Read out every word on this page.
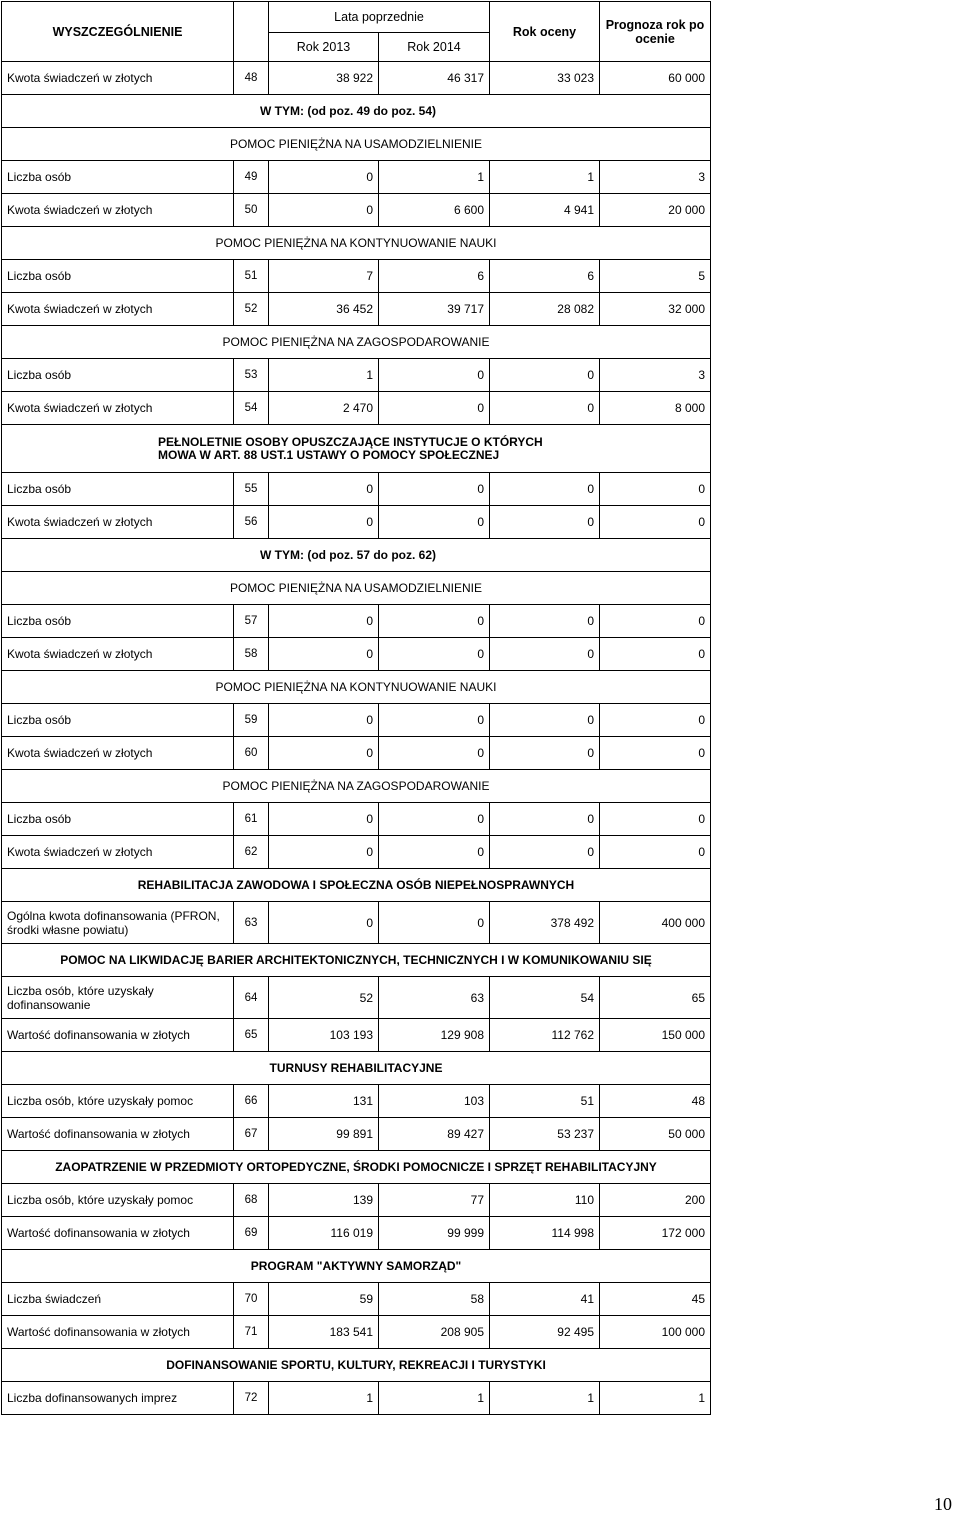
WYSZCZEGÓLNIENIE		Lata poprzednie		Rok oceny	Prognoza rok po ocenie
		Rok 2013	Rok 2014		
Kwota świadczeń w złotych	48	38 922	46 317	33 023	60 000
W TYM: (od poz. 49 do poz. 54)					
POMOC PIENIĘŻNA NA USAMODZIELNIENIE					
Liczba osób	49	0	1	1	3
Kwota świadczeń w złotych	50	0	6 600	4 941	20 000
POMOC PIENIĘŻNA NA KONTYNUOWANIE NAUKI					
Liczba osób	51	7	6	6	5
Kwota świadczeń w złotych	52	36 452	39 717	28 082	32 000
POMOC PIENIĘŻNA NA ZAGOSPODAROWANIE					
Liczba osób	53	1	0	0	3
Kwota świadczeń w złotych	54	2 470	0	0	8 000
PEŁNOLETNIE OSOBY OPUSZCZAJĄCE INSTYTUCJE O KTÓRYCH MOWA W ART. 88 UST.1 USTAWY O POMOCY SPOŁECZNEJ					
Liczba osób	55	0	0	0	0
Kwota świadczeń w złotych	56	0	0	0	0
W TYM: (od poz. 57 do poz. 62)					
POMOC PIENIĘŻNA NA USAMODZIELNIENIE					
Liczba osób	57	0	0	0	0
Kwota świadczeń w złotych	58	0	0	0	0
POMOC PIENIĘŻNA NA KONTYNUOWANIE NAUKI					
Liczba osób	59	0	0	0	0
Kwota świadczeń w złotych	60	0	0	0	0
POMOC PIENIĘŻNA NA ZAGOSPODAROWANIE					
Liczba osób	61	0	0	0	0
Kwota świadczeń w złotych	62	0	0	0	0
REHABILITACJA ZAWODOWA I SPOŁECZNA OSÓB NIEPEŁNOSPRAWNYCH					
Ogólna kwota dofinansowania (PFRON, środki własne powiatu)	63	0	0	378 492	400 000
POMOC NA LIKWIDACJĘ BARIER ARCHITEKTONICZNYCH, TECHNICZNYCH I W KOMUNIKOWANIU SIĘ					
Liczba osób, które uzyskały dofinansowanie	64	52	63	54	65
Wartość dofinansowania w złotych	65	103 193	129 908	112 762	150 000
TURNUSY REHABILITACYJNE					
Liczba osób, które uzyskały pomoc	66	131	103	51	48
Wartość dofinansowania w złotych	67	99 891	89 427	53 237	50 000
ZAOPATRZENIE W PRZEDMIOTY ORTOPEDYCZNE, ŚRODKI POMOCNICZE I SPRZĘT REHABILITACYJNY					
Liczba osób, które uzyskały pomoc	68	139	77	110	200
Wartość dofinansowania w złotych	69	116 019	99 999	114 998	172 000
PROGRAM "AKTYWNY SAMORZĄD"					
Liczba świadczeń	70	59	58	41	45
Wartość dofinansowania w złotych	71	183 541	208 905	92 495	100 000
DOFINANSOWANIE SPORTU, KULTURY, REKREACJI I TURYSTYKI					
Liczba dofinansowanych imprez	72	1	1	1	1
10
